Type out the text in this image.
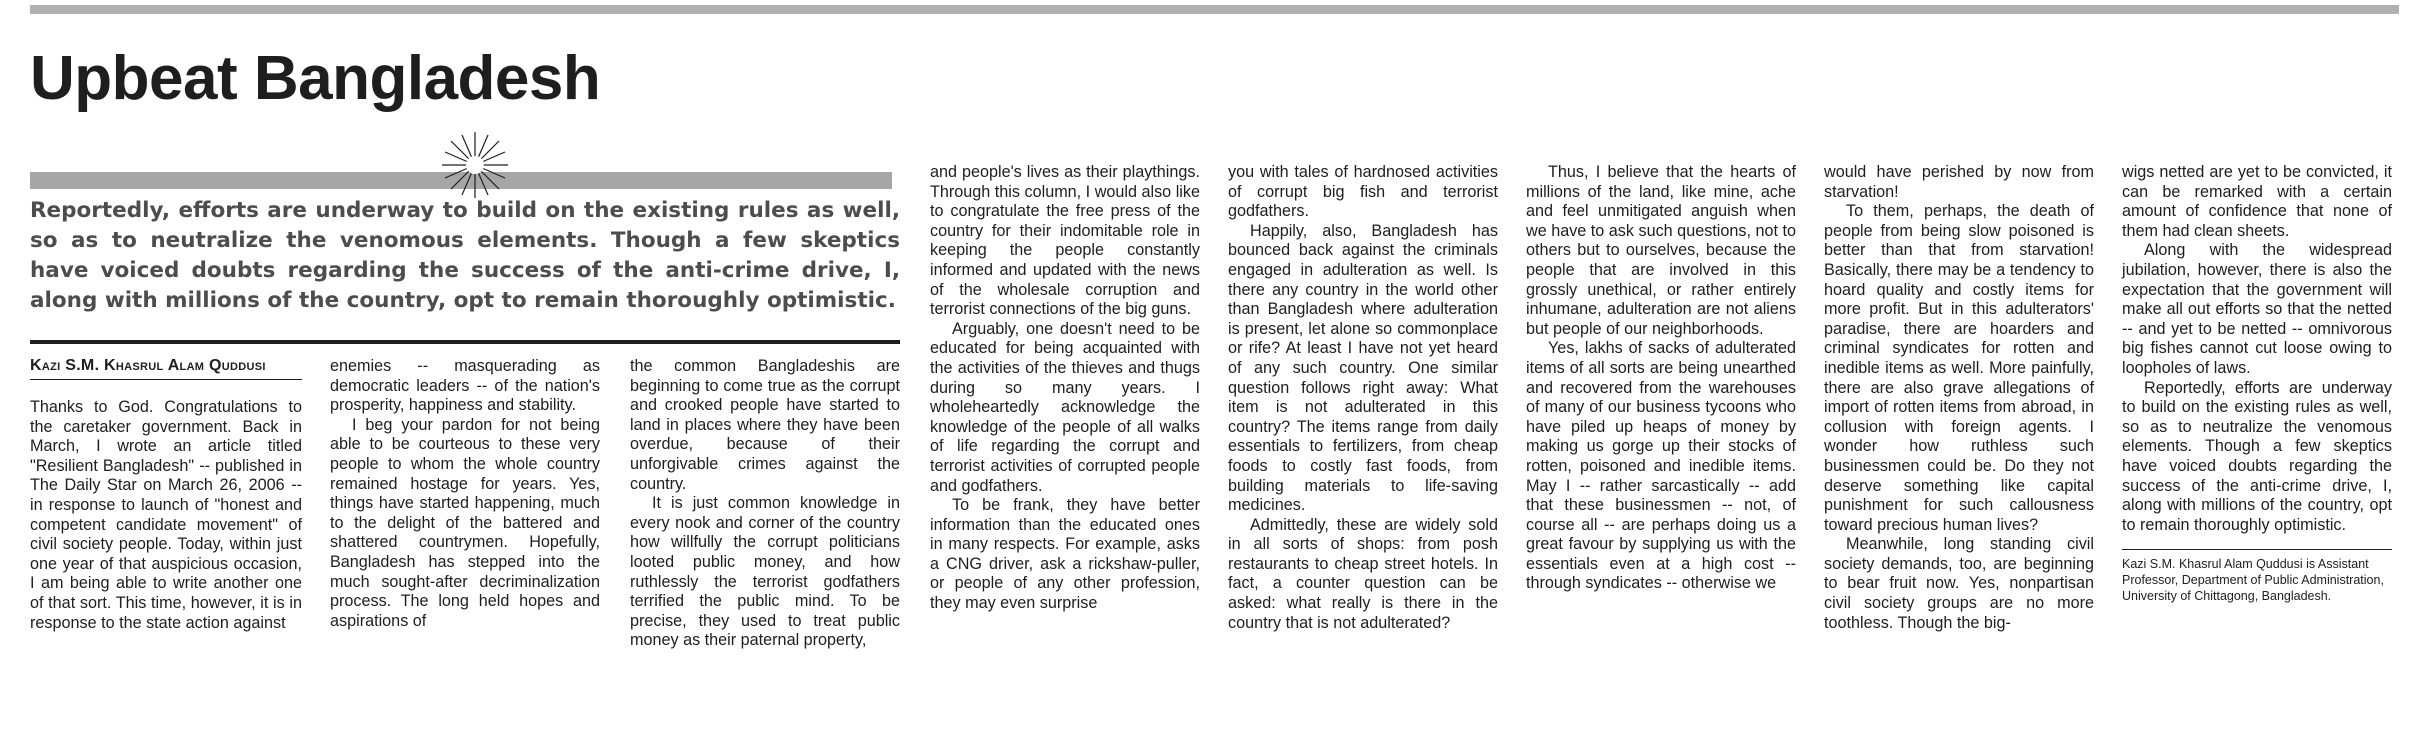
Upbeat Bangladesh
Reportedly, efforts are underway to build on the existing rules as well, so as to neutralize the venomous elements. Though a few skeptics have voiced doubts regarding the success of the anti-crime drive, I, along with millions of the country, opt to remain thoroughly optimistic.
Kazi S.M. Khasrul Alam Quddusi

Thanks to God. Congratulations to the caretaker government. Back in March, I wrote an article titled "Resilient Bangladesh" -- published in The Daily Star on March 26, 2006 -- in response to launch of "honest and competent candidate movement" of civil society people. Today, within just one year of that auspicious occasion, I am being able to write another one of that sort. This time, however, it is in response to the state action against

enemies -- masquerading as democratic leaders -- of the nation's prosperity, happiness and stability.

I beg your pardon for not being able to be courteous to these very people to whom the whole country remained hostage for years. Yes, things have started happening, much to the delight of the battered and shattered countrymen. Hopefully, Bangladesh has stepped into the much sought-after decriminalization process. The long held hopes and aspirations of

the common Bangladeshis are beginning to come true as the corrupt and crooked people have started to land in places where they have been overdue, because of their unforgivable crimes against the country.

It is just common knowledge in every nook and corner of the country how willfully the corrupt politicians looted public money, and how ruthlessly the terrorist godfathers terrified the public mind. To be precise, they used to treat public money as their paternal property,

and people's lives as their playthings. Through this column, I would also like to congratulate the free press of the country for their indomitable role in keeping the people constantly informed and updated with the news of the wholesale corruption and terrorist connections of the big guns.

Arguably, one doesn't need to be educated for being acquainted with the activities of the thieves and thugs during so many years. I wholeheartedly acknowledge the knowledge of the people of all walks of life regarding the corrupt and terrorist activities of corrupted people and godfathers.

To be frank, they have better information than the educated ones in many respects. For example, asks a CNG driver, ask a rickshaw-puller, or people of any other profession, they may even surprise

you with tales of hardnosed activities of corrupt big fish and terrorist godfathers.

Happily, also, Bangladesh has bounced back against the criminals engaged in adulteration as well. Is there any country in the world other than Bangladesh where adulteration is present, let alone so commonplace or rife? At least I have not yet heard of any such country. One similar question follows right away: What item is not adulterated in this country? The items range from daily essentials to fertilizers, from cheap foods to costly fast foods, from building materials to life-saving medicines.

Admittedly, these are widely sold in all sorts of shops: from posh restaurants to cheap street hotels. In fact, a counter question can be asked: what really is there in the country that is not adulterated?

Thus, I believe that the hearts of millions of the land, like mine, ache and feel unmitigated anguish when we have to ask such questions, not to others but to ourselves, because the people that are involved in this grossly unethical, or rather entirely inhumane, adulteration are not aliens but people of our neighborhoods.

Yes, lakhs of sacks of adulterated items of all sorts are being unearthed and recovered from the warehouses of many of our business tycoons who have piled up heaps of money by making us gorge up their stocks of rotten, poisoned and inedible items. May I -- rather sarcastically -- add that these businessmen -- not, of course all -- are perhaps doing us a great favour by supplying us with the essentials even at a high cost -- through syndicates -- otherwise we

would have perished by now from starvation!

To them, perhaps, the death of people from being slow poisoned is better than that from starvation! Basically, there may be a tendency to hoard quality and costly items for more profit. But in this adulterators' paradise, there are hoarders and criminal syndicates for rotten and inedible items as well. More painfully, there are also grave allegations of import of rotten items from abroad, in collusion with foreign agents. I wonder how ruthless such businessmen could be. Do they not deserve something like capital punishment for such callousness toward precious human lives?

Meanwhile, long standing civil society demands, too, are beginning to bear fruit now. Yes, nonpartisan civil society groups are no more toothless. Though the big-

wigs netted are yet to be convicted, it can be remarked with a certain amount of confidence that none of them had clean sheets.

Along with the widespread jubilation, however, there is also the expectation that the government will make all out efforts so that the netted -- and yet to be netted -- omnivorous big fishes cannot cut loose owing to loopholes of laws.

Reportedly, efforts are underway to build on the existing rules as well, so as to neutralize the venomous elements. Though a few skeptics have voiced doubts regarding the success of the anti-crime drive, I, along with millions of the country, opt to remain thoroughly optimistic.

Kazi S.M. Khasrul Alam Quddusi is Assistant Professor, Department of Public Administration, University of Chittagong, Bangladesh.
